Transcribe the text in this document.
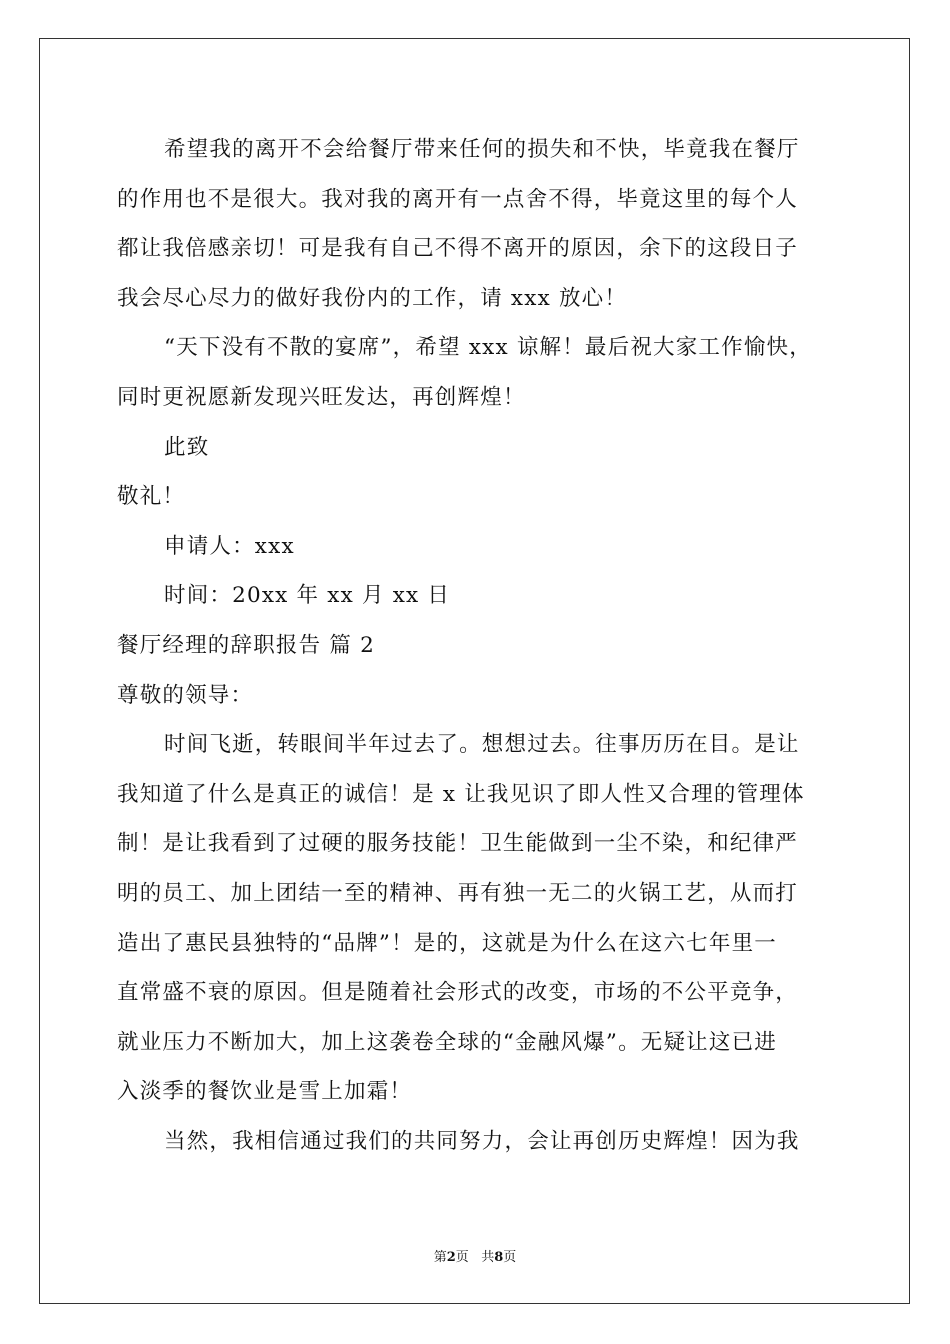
希望我的离开不会给餐厅带来任何的损失和不快，毕竟我在餐厅
的作用也不是很大。我对我的离开有一点舍不得，毕竟这里的每个人
都让我倍感亲切！可是我有自己不得不离开的原因，余下的这段日子
我会尽心尽力的做好我份内的工作，请 xxx 放心！
“天下没有不散的宴席”，希望 xxx 谅解！最后祝大家工作愉快，
同时更祝愿新发现兴旺发达，再创辉煌！
此致
敬礼！
申请人：xxx
时间：20xx 年 xx 月 xx 日
餐厅经理的辞职报告 篇 2
尊敬的领导：
时间飞逝，转眼间半年过去了。想想过去。往事历历在目。是让
我知道了什么是真正的诚信！是 x 让我见识了即人性又合理的管理体
制！是让我看到了过硬的服务技能！卫生能做到一尘不染，和纪律严
明的员工、加上团结一至的精神、再有独一无二的火锅工艺，从而打
造出了惠民县独特的“品牌”！是的，这就是为什么在这六七年里一
直常盛不衰的原因。但是随着社会形式的改变，市场的不公平竞争，
就业压力不断加大，加上这袭卷全球的“金融风爆”。无疑让这已进
入淡季的餐饮业是雪上加霜！
当然，我相信通过我们的共同努力，会让再创历史辉煌！因为我
第2页 共8页
